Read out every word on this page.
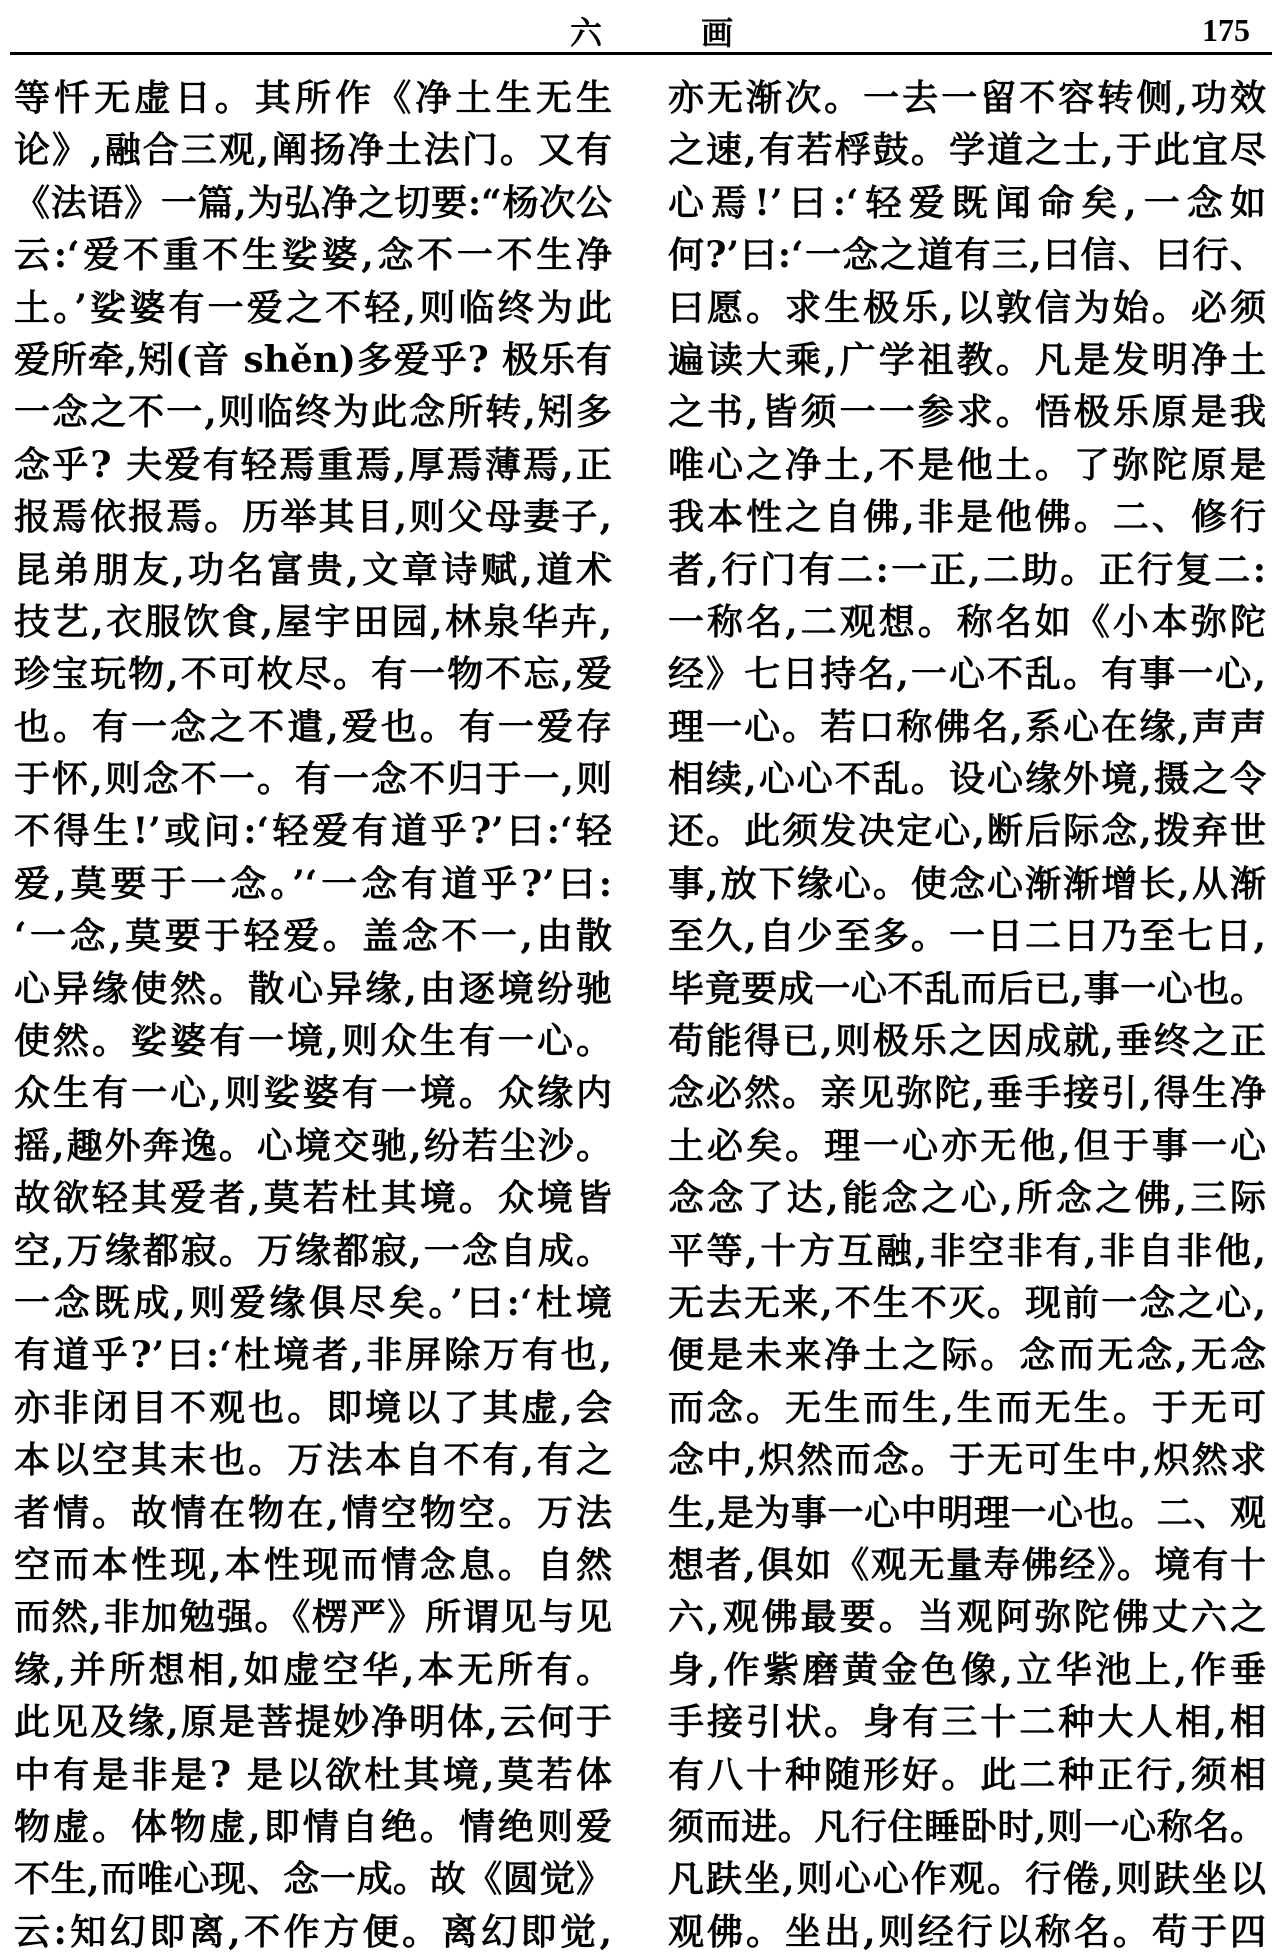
六 画	175
等忏无虚日。其所作《净土生无生
论》,融合三观,阐扬净土法门。又有
《法语》一篇,为弘净之切要:“杨次公
云:‘爱不重不生娑婆,念不一不生净
土。’娑婆有一爱之不轻,则临终为此
爱所牵,矧(音 shěn)多爱乎? 极乐有
一念之不一,则临终为此念所转,矧多
念乎? 夫爱有轻焉重焉,厚焉薄焉,正
报焉依报焉。历举其目,则父母妻子,
昆弟朋友,功名富贵,文章诗赋,道术
技艺,衣服饮食,屋宇田园,林泉华卉,
珍宝玩物,不可枚尽。有一物不忘,爱
也。有一念之不遣,爱也。有一爱存
于怀,则念不一。有一念不归于一,则
不得生!’或问:‘轻爱有道乎?’曰:‘轻
爱,莫要于一念。’‘一念有道乎?’曰:
‘一念,莫要于轻爱。盖念不一,由散
心异缘使然。散心异缘,由逐境纷驰
使然。娑婆有一境,则众生有一心。
众生有一心,则娑婆有一境。众缘内
摇,趣外奔逸。心境交驰,纷若尘沙。
故欲轻其爱者,莫若杜其境。众境皆
空,万缘都寂。万缘都寂,一念自成。
一念既成,则爱缘俱尽矣。’曰:‘杜境
有道乎?’曰:‘杜境者,非屏除万有也,
亦非闭目不观也。即境以了其虚,会
本以空其末也。万法本自不有,有之
者情。故情在物在,情空物空。万法
空而本性现,本性现而情念息。自然
而然,非加勉强。《楞严》所谓见与见
缘,并所想相,如虚空华,本无所有。
此见及缘,原是菩提妙净明体,云何于
中有是非是? 是以欲杜其境,莫若体
物虚。体物虚,即情自绝。情绝则爱
不生,而唯心现、念一成。故《圆觉》
云:知幻即离,不作方便。离幻即觉,
亦无渐次。一去一留不容转侧,功效
之速,有若桴鼓。学道之士,于此宜尽
心焉!’曰:‘轻爱既闻命矣,一念如
何?’曰:‘一念之道有三,曰信、曰行、
曰愿。求生极乐,以敦信为始。必须
遍读大乘,广学祖教。凡是发明净土
之书,皆须一一参求。悟极乐原是我
唯心之净土,不是他土。了弥陀原是
我本性之自佛,非是他佛。二、修行
者,行门有二:一正,二助。正行复二:
一称名,二观想。称名如《小本弥陀
经》七日持名,一心不乱。有事一心,
理一心。若口称佛名,系心在缘,声声
相续,心心不乱。设心缘外境,摄之令
还。此须发决定心,断后际念,拨弃世
事,放下缘心。使念心渐渐增长,从渐
至久,自少至多。一日二日乃至七日,
毕竟要成一心不乱而后已,事一心也。
苟能得已,则极乐之因成就,垂终之正
念必然。亲见弥陀,垂手接引,得生净
土必矣。理一心亦无他,但于事一心
念念了达,能念之心,所念之佛,三际
平等,十方互融,非空非有,非自非他,
无去无来,不生不灭。现前一念之心,
便是未来净土之际。念而无念,无念
而念。无生而生,生而无生。于无可
念中,炽然而念。于无可生中,炽然求
生,是为事一心中明理一心也。二、观
想者,俱如《观无量寿佛经》。境有十
六,观佛最要。当观阿弥陀佛丈六之
身,作紫磨黄金色像,立华池上,作垂
手接引状。身有三十二种大人相,相
有八十种随形好。此二种正行,须相
须而进。凡行住睡卧时,则一心称名。
凡趺坐,则心心作观。行倦,则趺坐以
观佛。坐出,则经行以称名。苟于四
